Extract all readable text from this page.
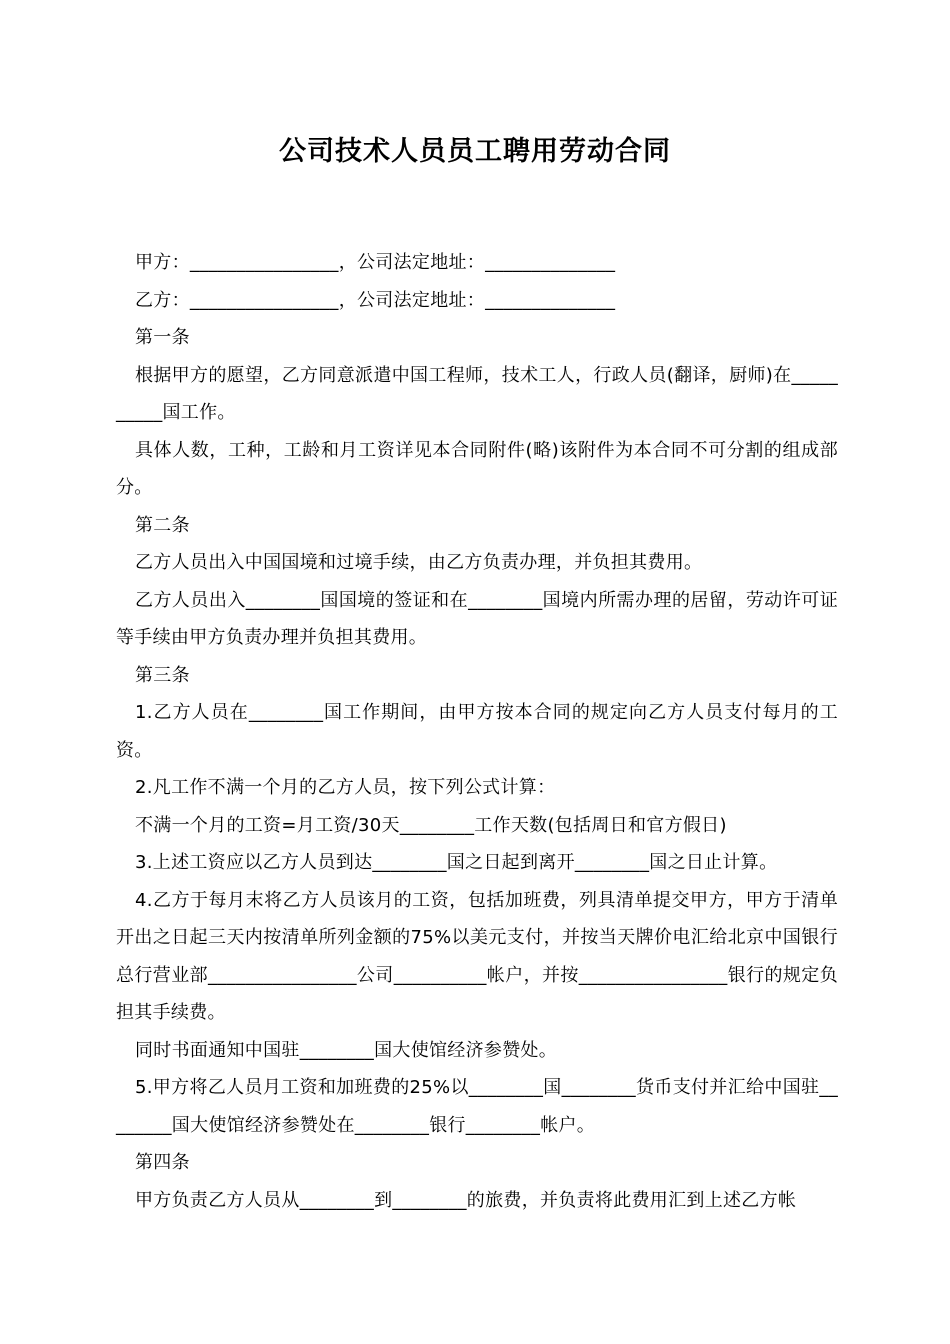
公司技术人员员工聘用劳动合同

甲方：________________，公司法定地址：______________

乙方：________________，公司法定地址：______________

第一条

根据甲方的愿望，乙方同意派遣中国工程师，技术工人，行政人员(翻译，厨师)在__________国工作。

具体人数，工种，工龄和月工资详见本合同附件(略)该附件为本合同不可分割的组成部分。

第二条

乙方人员出入中国国境和过境手续，由乙方负责办理，并负担其费用。

乙方人员出入________国国境的签证和在________国境内所需办理的居留，劳动许可证等手续由甲方负责办理并负担其费用。

第三条

1.乙方人员在________国工作期间，由甲方按本合同的规定向乙方人员支付每月的工资。

2.凡工作不满一个月的乙方人员，按下列公式计算：

不满一个月的工资=月工资/30天________工作天数(包括周日和官方假日)

3.上述工资应以乙方人员到达________国之日起到离开________国之日止计算。

4.乙方于每月末将乙方人员该月的工资，包括加班费，列具清单提交甲方，甲方于清单开出之日起三天内按清单所列金额的75%以美元支付，并按当天牌价电汇给北京中国银行总行营业部________________公司__________帐户，并按________________银行的规定负担其手续费。

同时书面通知中国驻________国大使馆经济参赞处。

5.甲方将乙人员月工资和加班费的25%以________国________货币支付并汇给中国驻________国大使馆经济参赞处在________银行________帐户。

第四条

甲方负责乙方人员从________到________的旅费，并负责将此费用汇到上述乙方帐
